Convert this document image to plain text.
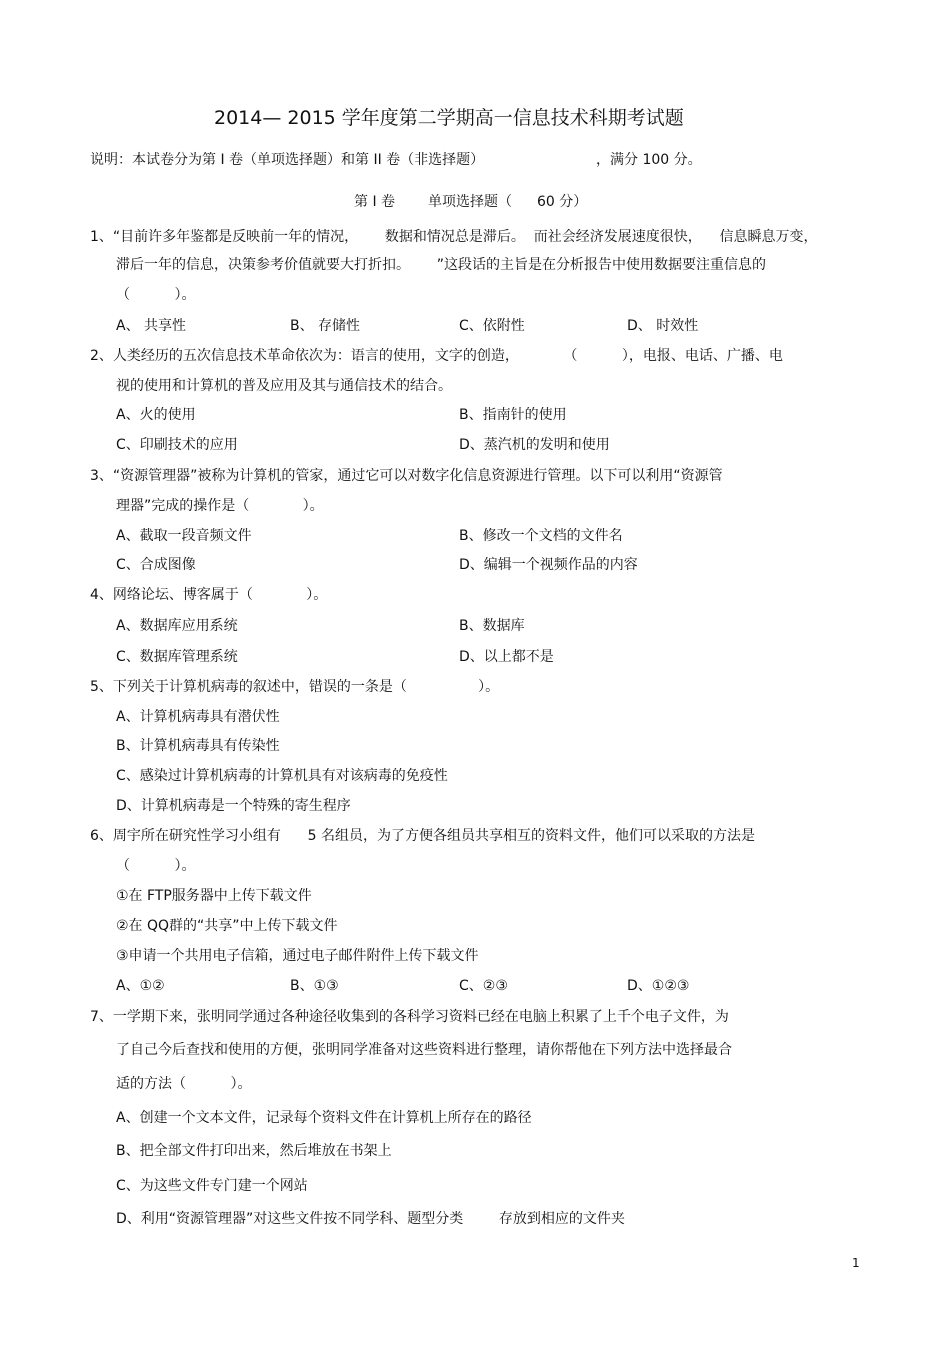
2014— 2015 学年度第二学期高一信息技术科期考试题
说明：本试卷分为第 I 卷（单项选择题）和第 II 卷（非选择题）	，满分 100 分。
第 I 卷 单项选择题（ 60 分）
1、“目前许多年鉴都是反映前一年的情况，      数据和情况总是滞后。  而社会经济发展速度很快，    信息瞬息万变，
滞后一年的信息，决策参考价值就要大打折扣。      ”这段话的主旨是在分析报告中使用数据要注重信息的
（          ）。
A、 共享性	B、 存储性	C、依附性	D、 时效性
2、人类经历的五次信息技术革命依次为：语言的使用，文字的创造，          （          ），电报、电话、广播、电
视的使用和计算机的普及应用及其与通信技术的结合。
A、火的使用	B、指南针的使用
C、印刷技术的应用	D、蒸汽机的发明和使用
3、“资源管理器”被称为计算机的管家，通过它可以对数字化信息资源进行管理。以下可以利用“资源管
理器”完成的操作是（            ）。
A、截取一段音频文件	B、修改一个文档的文件名
C、合成图像	D、编辑一个视频作品的内容
4、网络论坛、博客属于（            ）。
A、数据库应用系统	B、数据库
C、数据库管理系统	D、以上都不是
5、下列关于计算机病毒的叙述中，错误的一条是（                ）。
A、计算机病毒具有潜伏性
B、计算机病毒具有传染性
C、感染过计算机病毒的计算机具有对该病毒的免疫性
D、计算机病毒是一个特殊的寄生程序
6、周宇所在研究性学习小组有      5 名组员，为了方便各组员共享相互的资料文件，他们可以采取的方法是
（          ）。
①在 FTP服务器中上传下载文件
②在 QQ群的“共享”中上传下载文件
③申请一个共用电子信箱，通过电子邮件附件上传下载文件
A、①②	B、①③	C、②③	D、①②③
7、一学期下来，张明同学通过各种途径收集到的各科学习资料已经在电脑上积累了上千个电子文件，为
了自己今后查找和使用的方便，张明同学准备对这些资料进行整理，请你帮他在下列方法中选择最合
适的方法（          ）。
A、创建一个文本文件，记录每个资料文件在计算机上所存在的路径
B、把全部文件打印出来，然后堆放在书架上
C、为这些文件专门建一个网站
D、利用“资源管理器”对这些文件按不同学科、题型分类        存放到相应的文件夹
1
